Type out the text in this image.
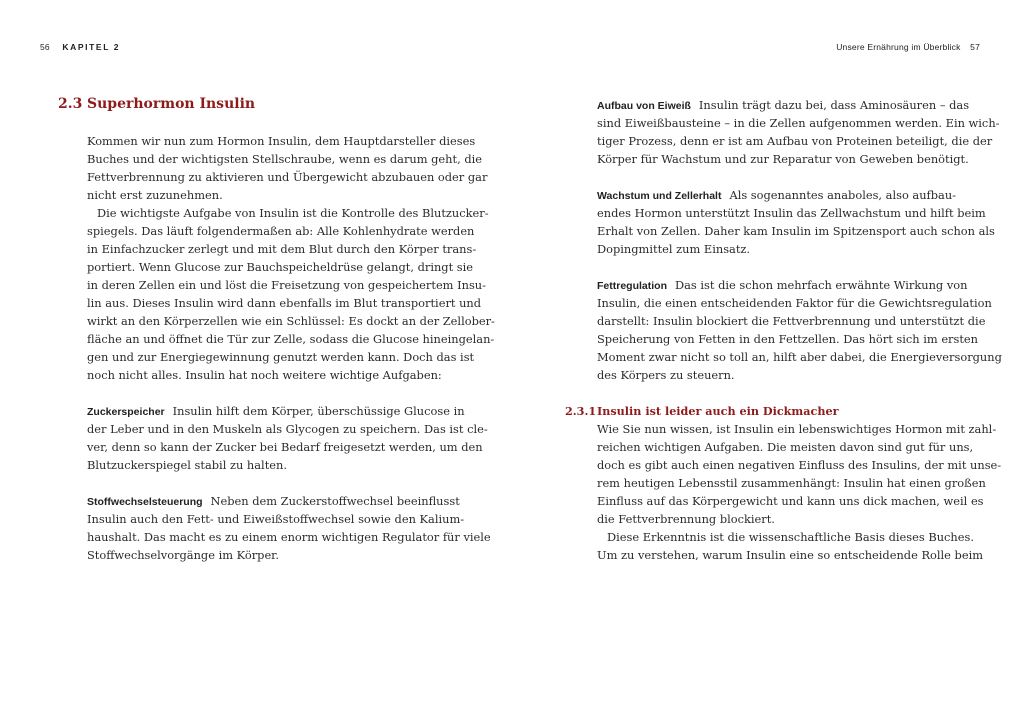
56 KAPITEL 2	Unsere Ernährung im Überblick 57
2.3 Superhormon Insulin
Kommen wir nun zum Hormon Insulin, dem Hauptdarsteller dieses
Buches und der wichtigsten Stellschraube, wenn es darum geht, die
Fettverbrennung zu aktivieren und Übergewicht abzubauen oder gar
nicht erst zuzunehmen.
Die wichtigste Aufgabe von Insulin ist die Kontrolle des Blutzucker-
spiegels. Das läuft folgendermaßen ab: Alle Kohlenhydrate werden
in Einfachzucker zerlegt und mit dem Blut durch den Körper trans-
portiert. Wenn Glucose zur Bauchspeicheldrüse gelangt, dringt sie
in deren Zellen ein und löst die Freisetzung von gespeichertem Insu-
lin aus. Dieses Insulin wird dann ebenfalls im Blut transportiert und
wirkt an den Körperzellen wie ein Schlüssel: Es dockt an der Zellober-
fläche an und öffnet die Tür zur Zelle, sodass die Glucose hineingelan-
gen und zur Energiegewinnung genutzt werden kann. Doch das ist
noch nicht alles. Insulin hat noch weitere wichtige Aufgaben:
Zuckerspeicher Insulin hilft dem Körper, überschüssige Glucose in
der Leber und in den Muskeln als Glycogen zu speichern. Das ist cle-
ver, denn so kann der Zucker bei Bedarf freigesetzt werden, um den
Blutzuckerspiegel stabil zu halten.
Stoffwechselsteuerung Neben dem Zuckerstoffwechsel beeinflusst
Insulin auch den Fett- und Eiweißstoffwechsel sowie den Kalium-
haushalt. Das macht es zu einem enorm wichtigen Regulator für viele
Stoffwechselvorgänge im Körper.
Aufbau von Eiweiß Insulin trägt dazu bei, dass Aminosäuren – das
sind Eiweißbausteine – in die Zellen aufgenommen werden. Ein wich-
tiger Prozess, denn er ist am Aufbau von Proteinen beteiligt, die der
Körper für Wachstum und zur Reparatur von Geweben benötigt.
Wachstum und Zellerhalt Als sogenanntes anaboles, also aufbau-
endes Hormon unterstützt Insulin das Zellwachstum und hilft beim
Erhalt von Zellen. Daher kam Insulin im Spitzensport auch schon als
Dopingmittel zum Einsatz.
Fettregulation Das ist die schon mehrfach erwähnte Wirkung von
Insulin, die einen entscheidenden Faktor für die Gewichtsregulation
darstellt: Insulin blockiert die Fettverbrennung und unterstützt die
Speicherung von Fetten in den Fettzellen. Das hört sich im ersten
Moment zwar nicht so toll an, hilft aber dabei, die Energieversorgung
des Körpers zu steuern.
2.3.1 Insulin ist leider auch ein Dickmacher
Wie Sie nun wissen, ist Insulin ein lebenswichtiges Hormon mit zahl-
reichen wichtigen Aufgaben. Die meisten davon sind gut für uns,
doch es gibt auch einen negativen Einfluss des Insulins, der mit unse-
rem heutigen Lebensstil zusammenhängt: Insulin hat einen großen
Einfluss auf das Körpergewicht und kann uns dick machen, weil es
die Fettverbrennung blockiert.
Diese Erkenntnis ist die wissenschaftliche Basis dieses Buches.
Um zu verstehen, warum Insulin eine so entscheidende Rolle beim
